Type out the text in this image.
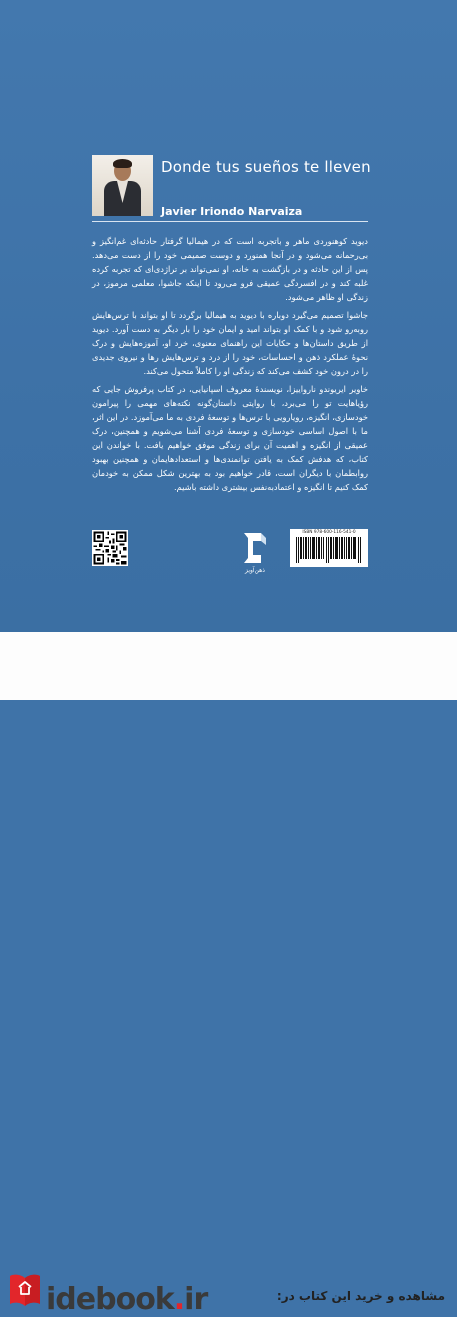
Donde tus sueños te lleven
Javier Iriondo Narvaiza

دیوید کوهنوردی ماهر و باتجربه است که در هیمالیا گرفتار حادثه‌ای غم‌انگیز و بی‌رحمانه می‌شود و در آنجا همنورد و دوست صمیمی خود را از دست می‌دهد. پس از این حادثه و در بازگشت به خانه، او نمی‌تواند بر تراژدی‌ای که تجربه کرده غلبه کند و در افسردگی عمیقی فرو می‌رود تا اینکه جاشوا، معلمی مرموز، در زندگی او ظاهر می‌شود.

جاشوا تصمیم می‌گیرد دوباره با دیوید به هیمالیا برگردد تا او بتواند با ترس‌هایش روبه‌رو شود و با کمک او بتواند امید و ایمان خود را بار دیگر به دست آورد. دیوید از طریق داستان‌ها و حکایات این راهنمای معنوی، خرد او، آموزه‌هایش و درک نحوهٔ عملکرد ذهن و احساسات، خود را از درد و ترس‌هایش رها و نیروی جدیدی را در درون خود کشف می‌کند که زندگی او را کاملاً متحول می‌کند.

خاویر ایریوندو نارواییزا، نویسندهٔ معروف اسپانیایی، در کتاب پرفروش جایی که رؤیاهایت تو را می‌برد، با روایتی داستان‌گونه نکته‌های مهمی را پیرامون خودسازی، انگیزه، رویارویی با ترس‌ها و توسعهٔ فردی به ما می‌آموزد. در این اثر، ما با اصول اساسی خودسازی و توسعهٔ فردی آشنا می‌شویم و همچنین، درک عمیقی از انگیزه و اهمیت آن برای زندگی موفق خواهیم یافت. با خواندن این کتاب، که هدفش کمک به یافتن توانمندی‌ها و استعدادهایمان و همچنین بهبود روابطمان با دیگران است، قادر خواهیم بود به بهترین شکل ممکن به خودمان کمک کنیم تا انگیزه و اعتمادبه‌نفس بیشتری داشته باشیم.

ذهن‌آویز
ISBN 978-600-116-541-0
idebook.ir	مشاهده و خرید این کتاب در:
